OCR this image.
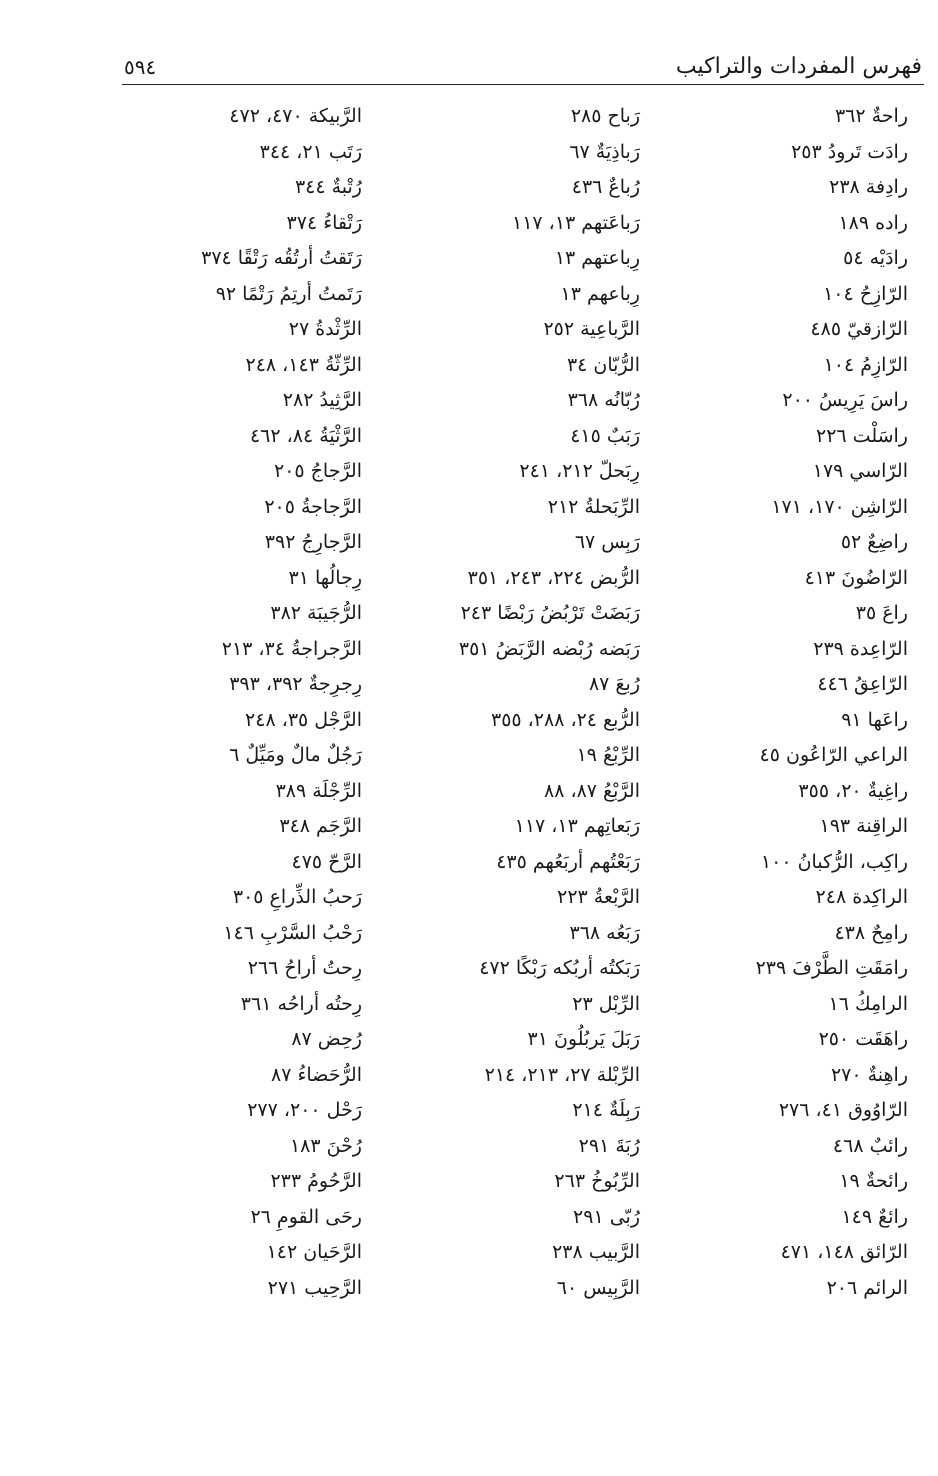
فهرس المفردات والتراكيب
٥٩٤
راحةٌ ٣٦٢
رادَت تَرودُ ٢٥٣
رادِفة ٢٣٨
راده ١٨٩
رادَيْه ٥٤
الرّازِحُ ١٠٤
الرّازقيّ ٤٨٥
الرّازِمُ ١٠٤
راسَ يَرِيسُ ٢٠٠
راسَلْت ٢٢٦
الرّاسي ١٧٩
الرّاشِن ١٧٠، ١٧١
راضِعٌ ٥٢
الرّاضُونَ ٤١٣
راعَ ٣٥
الرّاعِدة ٢٣٩
الرّاعِقُ ٤٤٦
راعَها ٩١
الراعي الرّاعُون ٤٥
راغِيةٌ ٢٠، ٣٥٥
الراقِنة ١٩٣
راكِب، الرُّكبانُ ١٠٠
الراكِدة ٢٤٨
رامِحٌ ٤٣٨
رامَقَتِ الطَّرْفَ ٢٣٩
الرامِكُ ١٦
راهَقَت ٢٥٠
راهِنةٌ ٢٧٠
الرّاوُوق ٤١، ٢٧٦
رائبٌ ٤٦٨
رائحةٌ ١٩
رائعٌ ١٤٩
الرّائق ١٤٨، ٤٧١
الرائم ٢٠٦
رَباح ٢٨٥
رَباذِيَةٌ ٦٧
رُباعٌ ٤٣٦
رَباعَتهم ١٣، ١١٧
رِباعتهم ١٣
رِباعهم ١٣
الرَّباعِية ٢٥٢
الرُّبّان ٣٤
رُبّانُه ٣٦٨
رَبَبٌ ٤١٥
رِبَحلّ ٢١٢، ٢٤١
الرِّبَحلةُ ٢١٢
رَبِس ٦٧
الرُّبض ٢٢٤، ٢٤٣، ٣٥١
رَبَضَتْ تَرْبُضُ رَبْضًا ٢٤٣
رَبَضه رُبْضه الرَّبَضُ ٣٥١
رُبعَ ٨٧
الرُّبع ٢٤، ٢٨٨، ٣٥٥
الرِّبْعُ ١٩
الرَّبْعُ ٨٧، ٨٨
رَبَعاتِهم ١٣، ١١٧
رَبَعْتُهم أربَعُهم ٤٣٥
الرَّبْعةُ ٢٢٣
رَبَعُه ٣٦٨
رَبَكتُه أربُكه رَبْكًا ٤٧٢
الرِّبْل ٢٣
رَبَلَ يَربُلُونَ ٣١
الرِّبْلة ٢٧، ٢١٣، ٢١٤
رَبِلَةٌ ٢١٤
رُبَةَ ٢٩١
الرِّبُوخُ ٢٦٣
رُبّى ٢٩١
الرَّبيب ٢٣٨
الرَّبِيس ٦٠
الرَّبيكة ٤٧٠، ٤٧٢
رَتَب ٢١، ٣٤٤
رُتْبةٌ ٣٤٤
رَتْقاءُ ٣٧٤
رَتَقتُ أرتُقُه رَتْقًا ٣٧٤
رَتَمتُ أرتِمُ رَتْمًا ٩٢
الرِّثْدةُ ٢٧
الرِّثّةُ ١٤٣، ٢٤٨
الرَّثِيدُ ٢٨٢
الرَّثْيَةُ ٨٤، ٤٦٢
الرَّجاجُ ٢٠٥
الرَّجاجةُ ٢٠٥
الرَّجارِجُ ٣٩٢
رِجالُها ٣١
الرُّجَيبَة ٣٨٢
الرَّجراجةُ ٣٤، ٢١٣
رِجرِجةٌ ٣٩٢، ٣٩٣
الرَّجْل ٣٥، ٢٤٨
رَجُلٌ مالٌ ومَيِّلٌ ٦
الرِّجْلَة ٣٨٩
الرَّجَم ٣٤٨
الرَّحّ ٤٧٥
رَحبُ الذِّراعِ ٣٠٥
رَحْبُ السَّرْبِ ١٤٦
رِحتُ أراحُ ٢٦٦
رِحتُه أراحُه ٣٦١
رُحِض ٨٧
الرُّحَضاءُ ٨٧
رَحْل ٢٠٠، ٢٧٧
رُحْنَ ١٨٣
الرَّحُومُ ٢٣٣
رحَى القومِ ٢٦
الرَّحَيان ١٤٢
الرَّحِيب ٢٧١
